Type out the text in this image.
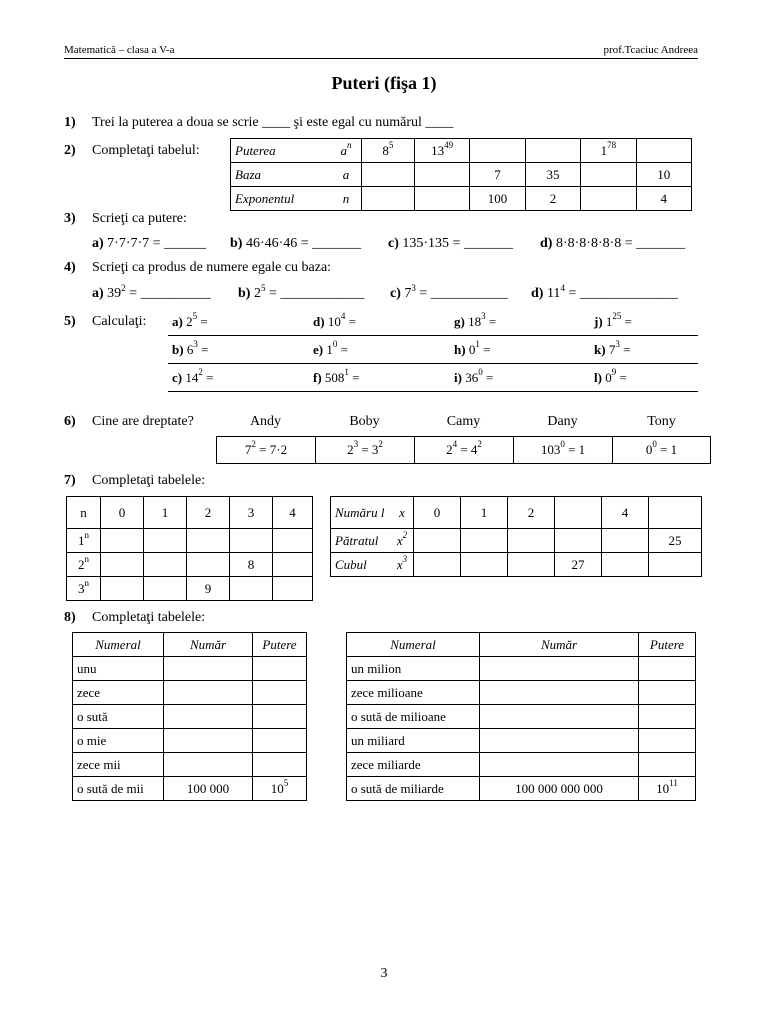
Matematică – clasa a V-a	prof.Tcaciuc Andreea
Puteri (fişa 1)
1) Trei la puterea a doua se scrie ____ şi este egal cu numărul ____
2) Completaţi tabelul:	Puterea	$a^n$	$8^5$	$13^{49}$			$1^{78}$	
Baza	a			7	35		10
Exponentul	n			100	2		4
3) Scrieţi ca putere:
a) 7·7·7·7 = ______ b) 46·46·46 = _______ c) 135·135 = _______ d) 8·8·8·8·8·8 = _______
4) Scrieţi ca produs de numere egale cu baza:
a) $39^2$ = __________ b) $2^5$ = ____________ c) $7^3$ = ___________ d) $11^4$ = ______________
5) Calculaţi: a) $2^5$ =	d) $10^4$ =	g) $18^3$ =	j) $1^{25}$ =
b) $6^3$ =	e) $1^0$ =	h) $0^1$ =	k) $7^3$ =
c) $14^2$ =	f) $508^1$ =	i) $36^0$ =	l) $0^9$ =
6) Cine are dreptate?	Andy	Boby	Camy	Dany	Tony
$7^2 = 7\cdot 2$	$2^3 = 3^2$	$2^4 = 4^2$	$103^0 = 1$	$0^0 = 1$
7) Completaţi tabelele:
n	0	1	2	3	4
1$^n$					
2$^n$				8	
3$^n$			9		
Număru l	x	0	1	2		4	
Pătratul	$x^2$						25
Cubul	$x^3$				27		
8) Completaţi tabelele:
Numeral	Număr	Putere
unu		
zece		
o sută		
o mie		
zece mii		
o sută de mii	100 000	$10^5$
Numeral	Număr	Putere
un milion		
zece milioane		
o sută de milioane		
un miliard		
zece miliarde		
o sută de miliarde	100 000 000 000	$10^{11}$
3
